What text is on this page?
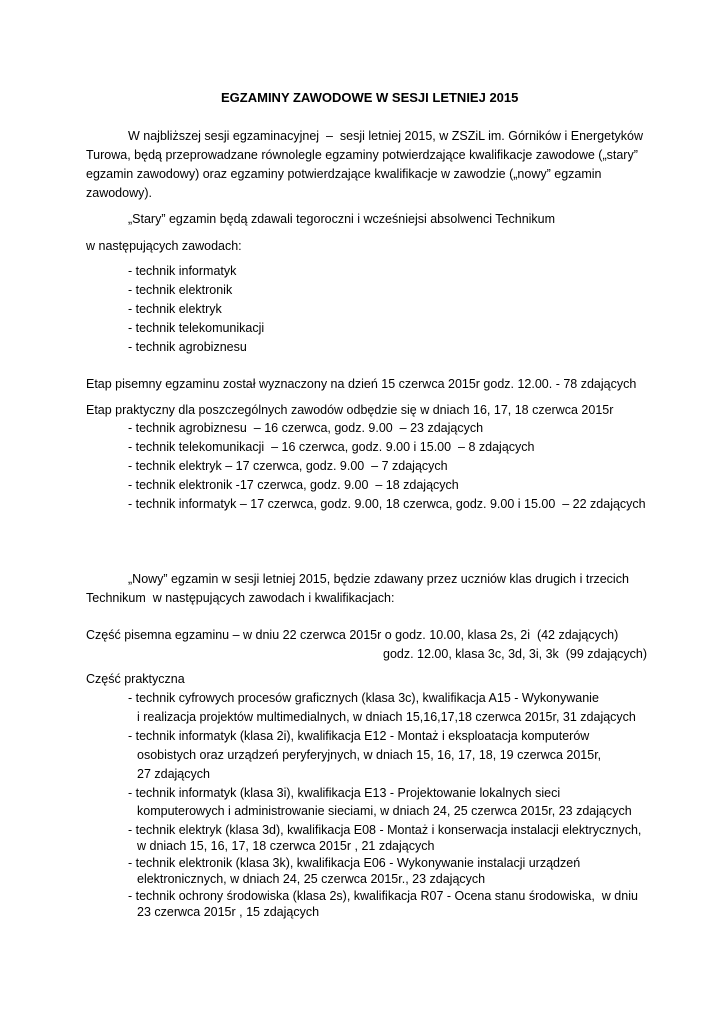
EGZAMINY ZAWODOWE W SESJI LETNIEJ 2015
W najbliższej sesji egzaminacyjnej  –  sesji letniej 2015, w ZSZiL im. Górników i Energetyków
Turowa, będą przeprowadzane równolegle egzaminy potwierdzające kwalifikacje zawodowe („stary”
egzamin zawodowy) oraz egzaminy potwierdzające kwalifikacje w zawodzie („nowy” egzamin
zawodowy).
„Stary” egzamin będą zdawali tegoroczni i wcześniejsi absolwenci Technikum
w następujących zawodach:
- technik informatyk
- technik elektronik
- technik elektryk
- technik telekomunikacji
- technik agrobiznesu
Etap pisemny egzaminu został wyznaczony na dzień 15 czerwca 2015r godz. 12.00. - 78 zdających
Etap praktyczny dla poszczególnych zawodów odbędzie się w dniach 16, 17, 18 czerwca 2015r
- technik agrobiznesu  – 16 czerwca, godz. 9.00  – 23 zdających
- technik telekomunikacji  – 16 czerwca, godz. 9.00 i 15.00  – 8 zdających
- technik elektryk – 17 czerwca, godz. 9.00  – 7 zdających
- technik elektronik -17 czerwca, godz. 9.00  – 18 zdających
- technik informatyk – 17 czerwca, godz. 9.00, 18 czerwca, godz. 9.00 i 15.00  – 22 zdających
„Nowy” egzamin w sesji letniej 2015, będzie zdawany przez uczniów klas drugich i trzecich
Technikum  w następujących zawodach i kwalifikacjach:
Część pisemna egzaminu – w dniu 22 czerwca 2015r o godz. 10.00, klasa 2s, 2i  (42 zdających)
godz. 12.00, klasa 3c, 3d, 3i, 3k  (99 zdających)
Część praktyczna
- technik cyfrowych procesów graficznych (klasa 3c), kwalifikacja A15 - Wykonywanie
i realizacja projektów multimedialnych, w dniach 15,16,17,18 czerwca 2015r, 31 zdających
- technik informatyk (klasa 2i), kwalifikacja E12 - Montaż i eksploatacja komputerów
osobistych oraz urządzeń peryferyjnych, w dniach 15, 16, 17, 18, 19 czerwca 2015r,
27 zdających
- technik informatyk (klasa 3i), kwalifikacja E13 - Projektowanie lokalnych sieci
komputerowych i administrowanie sieciami, w dniach 24, 25 czerwca 2015r, 23 zdających
- technik elektryk (klasa 3d), kwalifikacja E08 - Montaż i konserwacja instalacji elektrycznych,
w dniach 15, 16, 17, 18 czerwca 2015r , 21 zdających
- technik elektronik (klasa 3k), kwalifikacja E06 - Wykonywanie instalacji urządzeń
elektronicznych, w dniach 24, 25 czerwca 2015r., 23 zdających
- technik ochrony środowiska (klasa 2s), kwalifikacja R07 - Ocena stanu środowiska,  w dniu
23 czerwca 2015r , 15 zdających
